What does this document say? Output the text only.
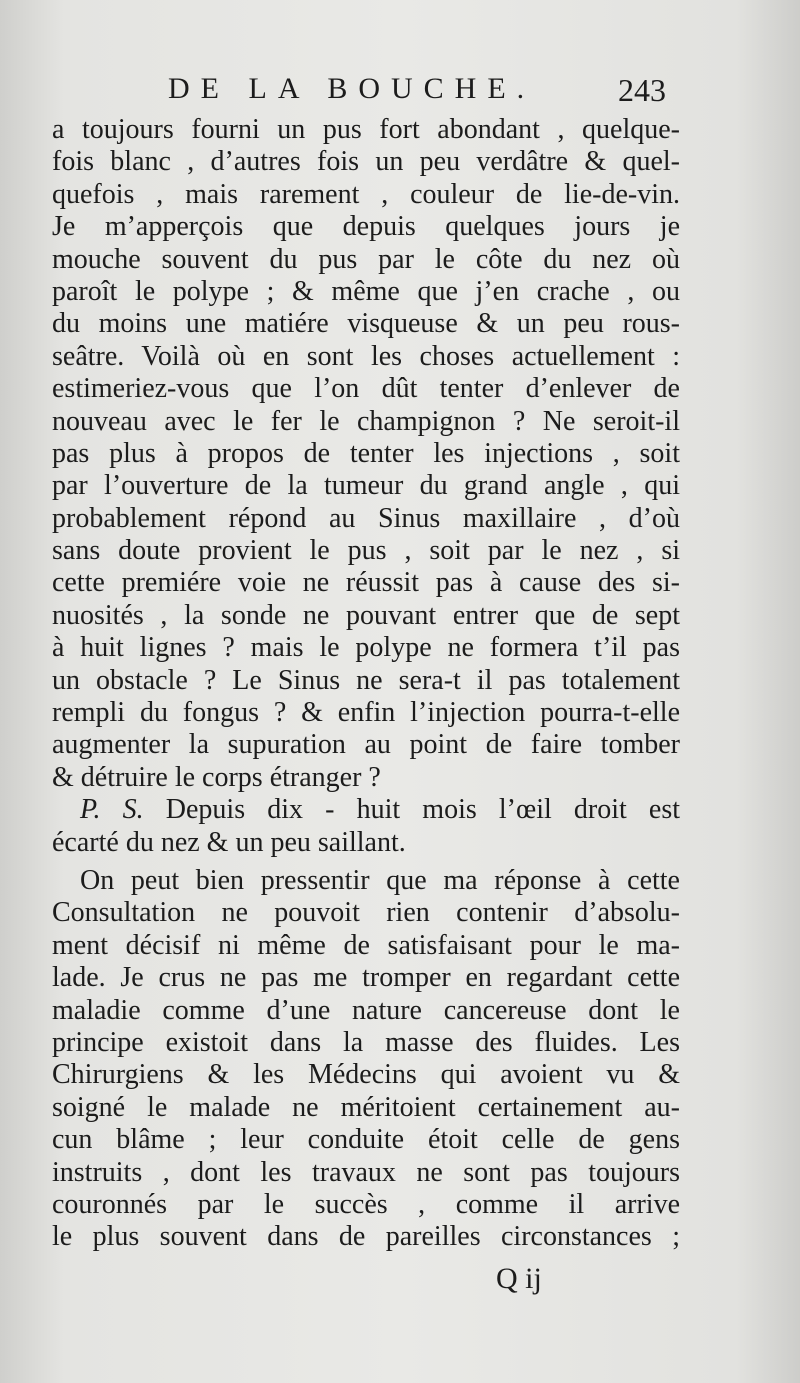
DE LA BOUCHE.	243
a toujours fourni un pus fort abondant , quelque-
fois blanc , d’autres fois un peu verdâtre & quel-
quefois , mais rarement , couleur de lie-de-vin.
Je m’apperçois que depuis quelques jours je
mouche souvent du pus par le côte du nez où
paroît le polype ; & même que j’en crache , ou
du moins une matiére visqueuse & un peu rous-
seâtre. Voilà où en sont les choses actuellement :
estimeriez-vous que l’on dût tenter d’enlever de
nouveau avec le fer le champignon ? Ne seroit-il
pas plus à propos de tenter les injections , soit
par l’ouverture de la tumeur du grand angle , qui
probablement répond au Sinus maxillaire , d’où
sans doute provient le pus , soit par le nez , si
cette premiére voie ne réussit pas à cause des si-
nuosités , la sonde ne pouvant entrer que de sept
à huit lignes ? mais le polype ne formera t’il pas
un obstacle ? Le Sinus ne sera-t il pas totalement
rempli du fongus ? & enfin l’injection pourra-t-elle
augmenter la supuration au point de faire tomber
& détruire le corps étranger ?
P. S. Depuis dix - huit mois l’œil droit est
écarté du nez & un peu saillant.
On peut bien pressentir que ma réponse à cette
Consultation ne pouvoit rien contenir d’absolu-
ment décisif ni même de satisfaisant pour le ma-
lade. Je crus ne pas me tromper en regardant cette
maladie comme d’une nature cancereuse dont le
principe existoit dans la masse des fluides. Les
Chirurgiens & les Médecins qui avoient vu &
soigné le malade ne méritoient certainement au-
cun blâme ; leur conduite étoit celle de gens
instruits , dont les travaux ne sont pas toujours
couronnés par le succès , comme il arrive
le plus souvent dans de pareilles circonstances ;
Q ij
